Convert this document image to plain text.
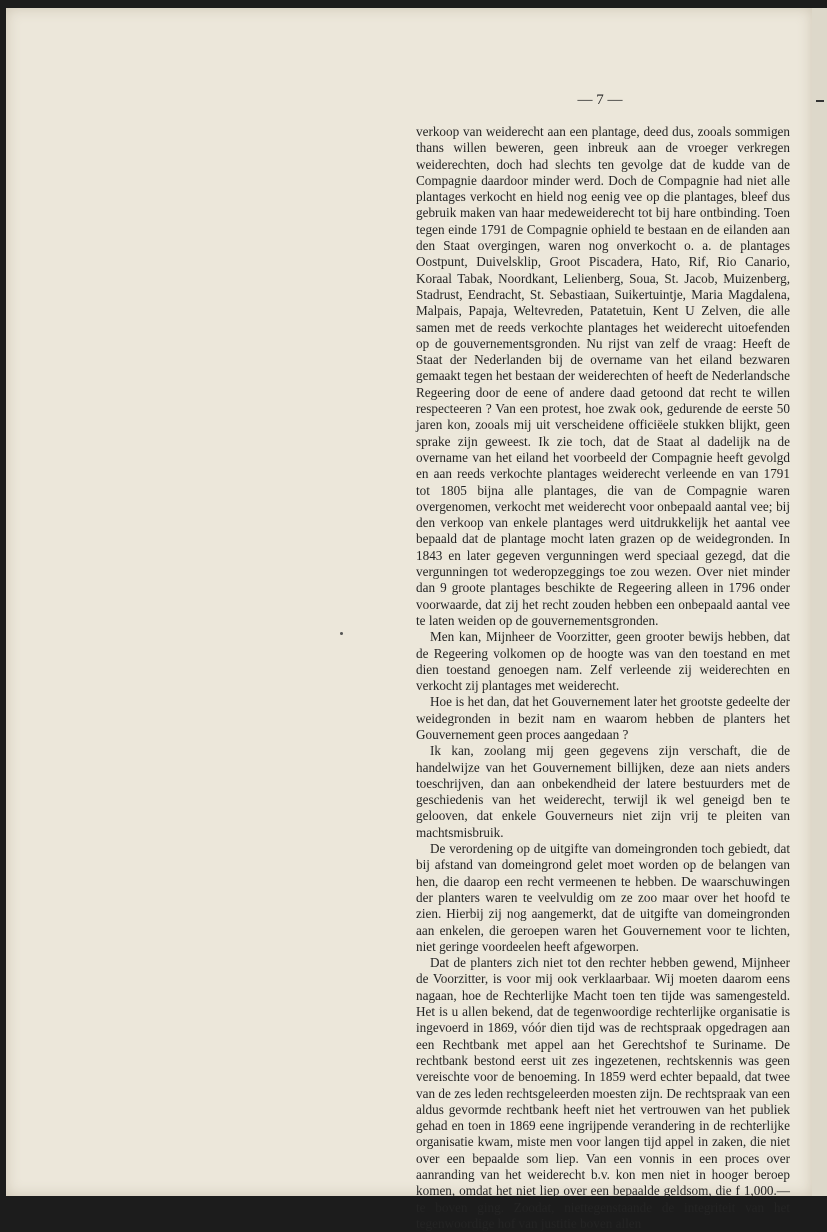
— 7 —

verkoop van weiderecht aan een plantage, deed dus, zooals sommigen thans willen beweren, geen inbreuk aan de vroeger verkregen weiderechten, doch had slechts ten gevolge dat de kudde van de Compagnie daardoor minder werd. Doch de Compagnie had niet alle plantages verkocht en hield nog eenig vee op die plantages, bleef dus gebruik maken van haar medeweiderecht tot bij hare ontbinding. Toen tegen einde 1791 de Compagnie ophield te bestaan en de eilanden aan den Staat overgingen, waren nog onverkocht o. a. de plantages Oostpunt, Duivelsklip, Groot Piscadera, Hato, Rif, Rio Canario, Koraal Tabak, Noordkant, Lelienberg, Soua, St. Jacob, Muizenberg, Stadrust, Eendracht, St. Sebastiaan, Suikertuintje, Maria Magdalena, Malpais, Papaja, Weltevreden, Patatetuin, Kent U Zelven, die alle samen met de reeds verkochte plantages het weiderecht uitoefenden op de gouvernementsgronden. Nu rijst van zelf de vraag: Heeft de Staat der Nederlanden bij de overname van het eiland bezwaren gemaakt tegen het bestaan der weiderechten of heeft de Nederlandsche Regeering door de eene of andere daad getoond dat recht te willen respecteeren ? Van een protest, hoe zwak ook, gedurende de eerste 50 jaren kon, zooals mij uit verscheidene officiëele stukken blijkt, geen sprake zijn geweest. Ik zie toch, dat de Staat al dadelijk na de overname van het eiland het voorbeeld der Compagnie heeft gevolgd en aan reeds verkochte plantages weiderecht verleende en van 1791 tot 1805 bijna alle plantages, die van de Compagnie waren overgenomen, verkocht met weiderecht voor onbepaald aantal vee; bij den verkoop van enkele plantages werd uitdrukkelijk het aantal vee bepaald dat de plantage mocht laten grazen op de weidegronden. In 1843 en later gegeven vergunningen werd speciaal gezegd, dat die vergunningen tot wederopzeggings toe zou wezen. Over niet minder dan 9 groote plantages beschikte de Regeering alleen in 1796 onder voorwaarde, dat zij het recht zouden hebben een onbepaald aantal vee te laten weiden op de gouvernementsgronden.

Men kan, Mijnheer de Voorzitter, geen grooter bewijs hebben, dat de Regeering volkomen op de hoogte was van den toestand en met dien toestand genoegen nam. Zelf verleende zij weiderechten en verkocht zij plantages met weiderecht.

Hoe is het dan, dat het Gouvernement later het grootste gedeelte der weidegronden in bezit nam en waarom hebben de planters het Gouvernement geen proces aangedaan ?

Ik kan, zoolang mij geen gegevens zijn verschaft, die de handelwijze van het Gouvernement billijken, deze aan niets anders toeschrijven, dan aan onbekendheid der latere bestuurders met de geschiedenis van het weiderecht, terwijl ik wel geneigd ben te gelooven, dat enkele Gouverneurs niet zijn vrij te pleiten van machtsmisbruik.

De verordening op de uitgifte van domeingronden toch gebiedt, dat bij afstand van domeingrond gelet moet worden op de belangen van hen, die daarop een recht vermeenen te hebben. De waarschuwingen der planters waren te veelvuldig om ze zoo maar over het hoofd te zien. Hierbij zij nog aangemerkt, dat de uitgifte van domeingronden aan enkelen, die geroepen waren het Gouvernement voor te lichten, niet geringe voordeelen heeft afgeworpen.

Dat de planters zich niet tot den rechter hebben gewend, Mijnheer de Voorzitter, is voor mij ook verklaarbaar. Wij moeten daarom eens nagaan, hoe de Rechterlijke Macht toen ten tijde was samengesteld. Het is u allen bekend, dat de tegenwoordige rechterlijke organisatie is ingevoerd in 1869, vóór dien tijd was de rechtspraak opgedragen aan een Rechtbank met appel aan het Gerechtshof te Suriname. De rechtbank bestond eerst uit zes ingezetenen, rechtskennis was geen vereischte voor de benoeming. In 1859 werd echter bepaald, dat twee van de zes leden rechtsgeleerden moesten zijn. De rechtspraak van een aldus gevormde rechtbank heeft niet het vertrouwen van het publiek gehad en toen in 1869 eene ingrijpende verandering in de rechterlijke organisatie kwam, miste men voor langen tijd appel in zaken, die niet over een bepaalde som liep. Van een vonnis in een proces over aanranding van het weiderecht b.v. kon men niet in hooger beroep komen, omdat het niet liep over een bepaalde geldsom, die f 1,000.— te boven ging. Zoodat, niettegenstaande de integriteit van het tegenwoordige hof van justitie boven allen
